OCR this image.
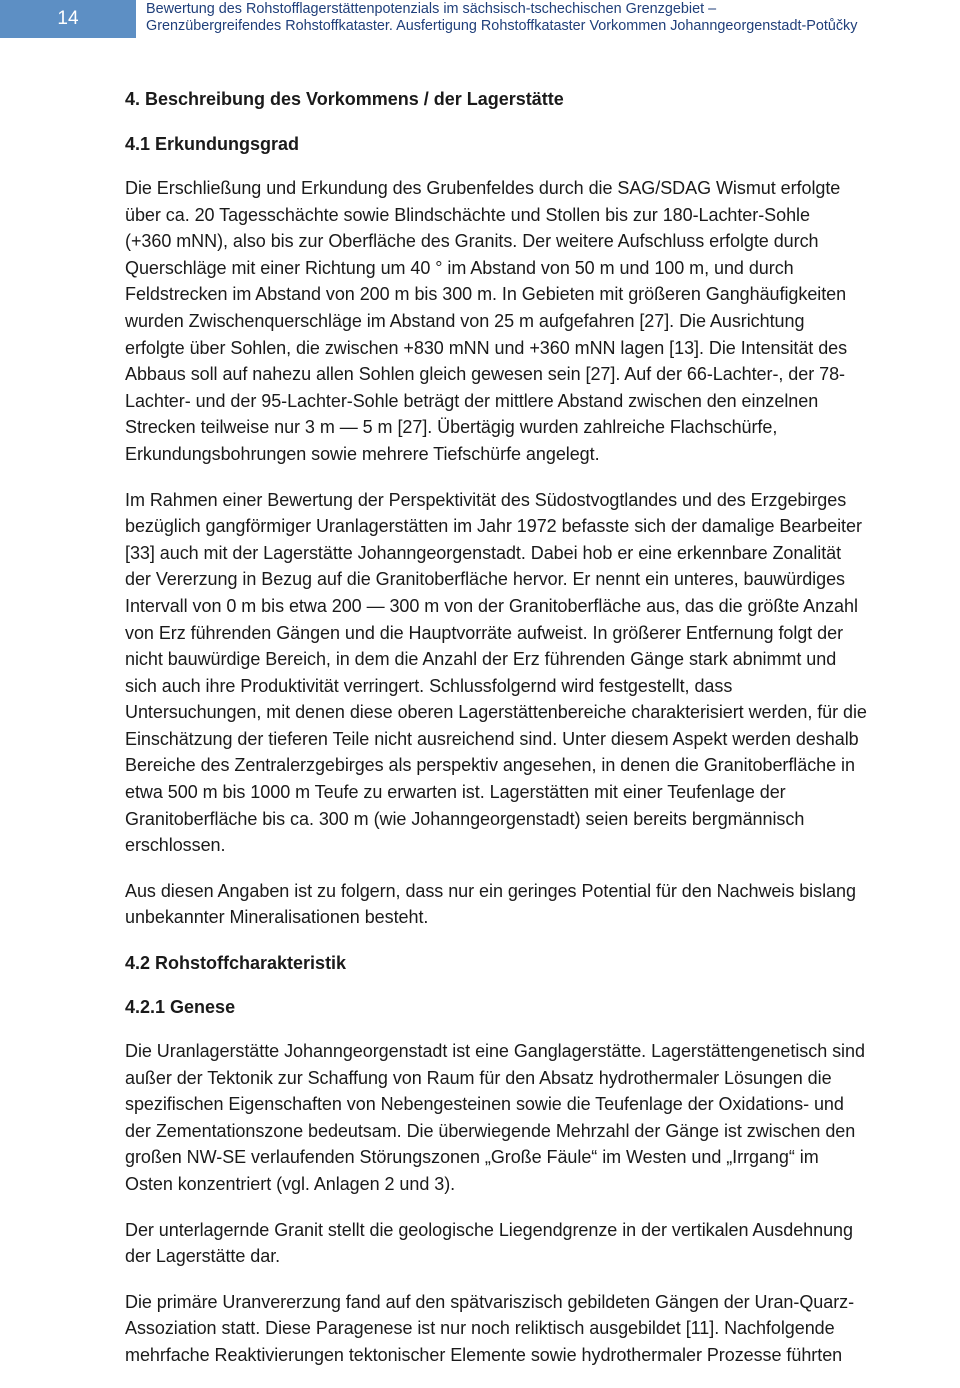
14	Bewertung des Rohstofflagerstättenpotenzials im sächsisch-tschechischen Grenzgebiet –
Grenzübergreifendes Rohstoffkataster. Ausfertigung Rohstoffkataster Vorkommen Johanngeorgenstadt-Potůčky
4. Beschreibung des Vorkommens / der Lagerstätte
4.1 Erkundungsgrad

Die Erschließung und Erkundung des Grubenfeldes durch die SAG/SDAG Wismut erfolgte
über ca. 20 Tagesschächte sowie Blindschächte und Stollen bis zur 180-Lachter-Sohle
(+360 mNN), also bis zur Oberfläche des Granits. Der weitere Aufschluss erfolgte durch
Querschläge mit einer Richtung um 40 ° im Abstand von 50 m und 100 m, und durch
Feldstrecken im Abstand von 200 m bis 300 m. In Gebieten mit größeren Ganghäufigkeiten
wurden Zwischenquerschläge im Abstand von 25 m aufgefahren [27]. Die Ausrichtung
erfolgte über Sohlen, die zwischen +830 mNN und +360 mNN lagen [13]. Die Intensität des
Abbaus soll auf nahezu allen Sohlen gleich gewesen sein [27]. Auf der 66-Lachter-, der 78-
Lachter- und der 95-Lachter-Sohle beträgt der mittlere Abstand zwischen den einzelnen
Strecken teilweise nur 3 m — 5 m [27]. Übertägig wurden zahlreiche Flachschürfe,
Erkundungsbohrungen sowie mehrere Tiefschürfe angelegt.

Im Rahmen einer Bewertung der Perspektivität des Südostvogtlandes und des Erzgebirges
bezüglich gangförmiger Uranlagerstätten im Jahr 1972 befasste sich der damalige Bearbeiter
[33] auch mit der Lagerstätte Johanngeorgenstadt. Dabei hob er eine erkennbare Zonalität
der Vererzung in Bezug auf die Granitoberfläche hervor. Er nennt ein unteres, bauwürdiges
Intervall von 0 m bis etwa 200 — 300 m von der Granitoberfläche aus, das die größte Anzahl
von Erz führenden Gängen und die Hauptvorräte aufweist. In größerer Entfernung folgt der
nicht bauwürdige Bereich, in dem die Anzahl der Erz führenden Gänge stark abnimmt und
sich auch ihre Produktivität verringert. Schlussfolgernd wird festgestellt, dass
Untersuchungen, mit denen diese oberen Lagerstättenbereiche charakterisiert werden, für die
Einschätzung der tieferen Teile nicht ausreichend sind. Unter diesem Aspekt werden deshalb
Bereiche des Zentralerzgebirges als perspektiv angesehen, in denen die Granitoberfläche in
etwa 500 m bis 1000 m Teufe zu erwarten ist. Lagerstätten mit einer Teufenlage der
Granitoberfläche bis ca. 300 m (wie Johanngeorgenstadt) seien bereits bergmännisch
erschlossen.

Aus diesen Angaben ist zu folgern, dass nur ein geringes Potential für den Nachweis bislang
unbekannter Mineralisationen besteht.

4.2 Rohstoffcharakteristik
4.2.1 Genese

Die Uranlagerstätte Johanngeorgenstadt ist eine Ganglagerstätte. Lagerstättengenetisch sind
außer der Tektonik zur Schaffung von Raum für den Absatz hydrothermaler Lösungen die
spezifischen Eigenschaften von Nebengesteinen sowie die Teufenlage der Oxidations- und
der Zementationszone bedeutsam. Die überwiegende Mehrzahl der Gänge ist zwischen den
großen NW-SE verlaufenden Störungszonen „Große Fäule“ im Westen und „Irrgang“ im
Osten konzentriert (vgl. Anlagen 2 und 3).

Der unterlagernde Granit stellt die geologische Liegendgrenze in der vertikalen Ausdehnung
der Lagerstätte dar.

Die primäre Uranvererzung fand auf den spätvariszisch gebildeten Gängen der Uran-Quarz-
Assoziation statt. Diese Paragenese ist nur noch reliktisch ausgebildet [11]. Nachfolgende
mehrfache Reaktivierungen tektonischer Elemente sowie hydrothermaler Prozesse führten
